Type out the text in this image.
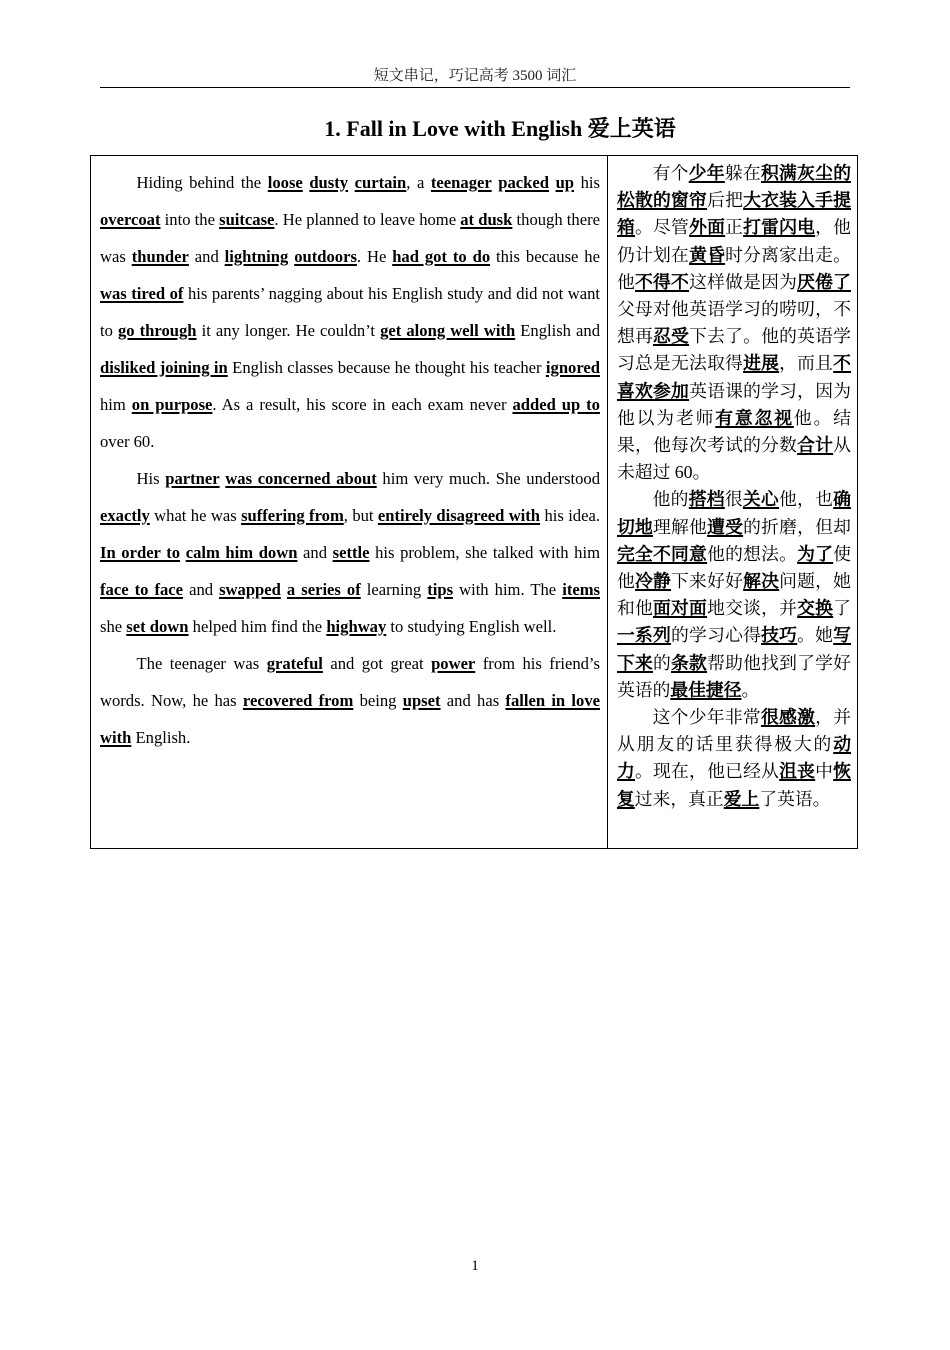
短文串记，巧记高考 3500 词汇
1. Fall in Love with English 爱上英语

Hiding behind the loose dusty curtain, a teenager packed up his overcoat into the suitcase. He planned to leave home at dusk though there was thunder and lightning outdoors. He had got to do this because he was tired of his parents’ nagging about his English study and did not want to go through it any longer. He couldn’t get along well with English and disliked joining in English classes because he thought his teacher ignored him on purpose. As a result, his score in each exam never added up to over 60.

His partner was concerned about him very much. She understood exactly what he was suffering from, but entirely disagreed with his idea. In order to calm him down and settle his problem, she talked with him face to face and swapped a series of learning tips with him. The items she set down helped him find the highway to studying English well.

The teenager was grateful and got great power from his friend’s words. Now, he has recovered from being upset and has fallen in love with English.

有个少年躲在积满灰尘的松散的窗帘后把大衣装入手提箱。尽管外面正打雷闪电，他仍计划在黄昏时分离家出走。他不得不这样做是因为厌倦了父母对他英语学习的唠叨，不想再忍受下去了。他的英语学习总是无法取得进展，而且不喜欢参加英语课的学习，因为他以为老师有意忽视他。结果，他每次考试的分数合计从未超过 60。

他的搭档很关心他，也确切地理解他遭受的折磨，但却完全不同意他的想法。为了使他冷静下来好好解决问题，她和他面对面地交谈，并交换了一系列的学习心得技巧。她写下来的条款帮助他找到了学好英语的最佳捷径。

这个少年非常很感激，并从朋友的话里获得极大的动力。现在，他已经从沮丧中恢复过来，真正爱上了英语。

1
